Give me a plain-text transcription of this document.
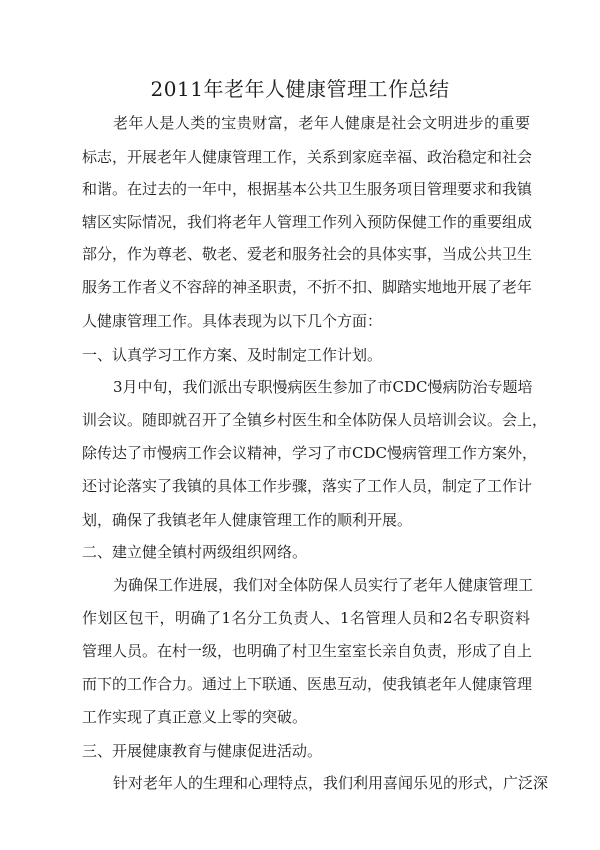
2011年老年人健康管理工作总结
老年人是人类的宝贵财富，老年人健康是社会文明进步的重要
标志，开展老年人健康管理工作，关系到家庭幸福、政治稳定和社会
和谐。在过去的一年中，根据基本公共卫生服务项目管理要求和我镇
辖区实际情况，我们将老年人管理工作列入预防保健工作的重要组成
部分，作为尊老、敬老、爱老和服务社会的具体实事，当成公共卫生
服务工作者义不容辞的神圣职责，不折不扣、脚踏实地地开展了老年
人健康管理工作。具体表现为以下几个方面：
一、认真学习工作方案、及时制定工作计划。
3月中旬，我们派出专职慢病医生参加了市CDC慢病防治专题培
训会议。随即就召开了全镇乡村医生和全体防保人员培训会议。会上，
除传达了市慢病工作会议精神，学习了市CDC慢病管理工作方案外，
还讨论落实了我镇的具体工作步骤，落实了工作人员，制定了工作计
划，确保了我镇老年人健康管理工作的顺利开展。
二、建立健全镇村两级组织网络。
为确保工作进展，我们对全体防保人员实行了老年人健康管理工
作划区包干，明确了1名分工负责人、1名管理人员和2名专职资料
管理人员。在村一级，也明确了村卫生室室长亲自负责，形成了自上
而下的工作合力。通过上下联通、医患互动，使我镇老年人健康管理
工作实现了真正意义上零的突破。
三、开展健康教育与健康促进活动。
针对老年人的生理和心理特点，我们利用喜闻乐见的形式，广泛深
